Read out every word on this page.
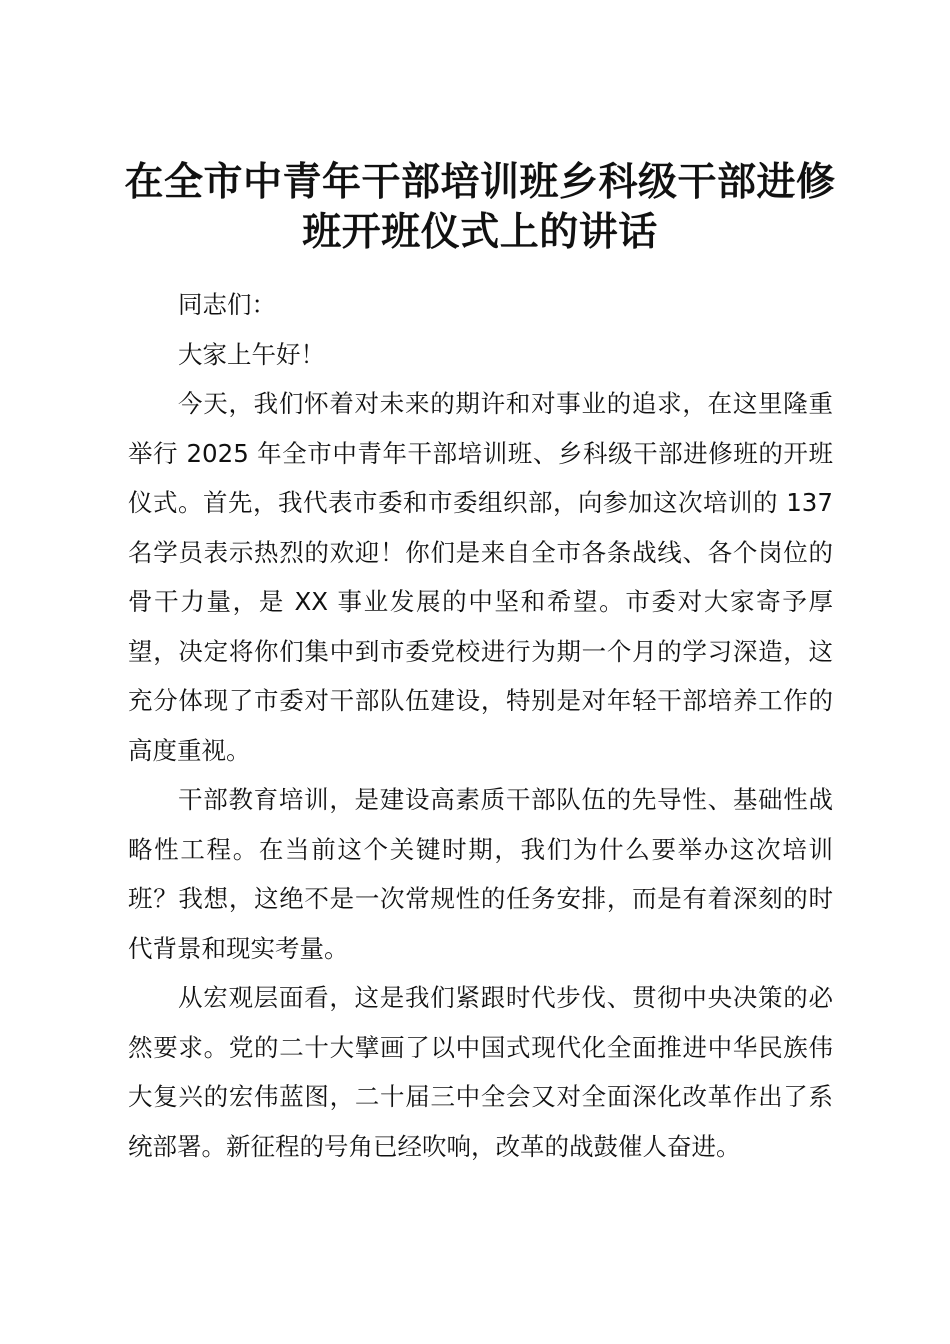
在全市中青年干部培训班乡科级干部进修班开班仪式上的讲话

同志们：

大家上午好！

今天，我们怀着对未来的期许和对事业的追求，在这里隆重举行 2025 年全市中青年干部培训班、乡科级干部进修班的开班仪式。首先，我代表市委和市委组织部，向参加这次培训的 137 名学员表示热烈的欢迎！你们是来自全市各条战线、各个岗位的骨干力量，是 XX 事业发展的中坚和希望。市委对大家寄予厚望，决定将你们集中到市委党校进行为期一个月的学习深造，这充分体现了市委对干部队伍建设，特别是对年轻干部培养工作的高度重视。

干部教育培训，是建设高素质干部队伍的先导性、基础性战略性工程。在当前这个关键时期，我们为什么要举办这次培训班？我想，这绝不是一次常规性的任务安排，而是有着深刻的时代背景和现实考量。

从宏观层面看，这是我们紧跟时代步伐、贯彻中央决策的必然要求。党的二十大擘画了以中国式现代化全面推进中华民族伟大复兴的宏伟蓝图，二十届三中全会又对全面深化改革作出了系统部署。新征程的号角已经吹响，改革的战鼓催人奋进。
